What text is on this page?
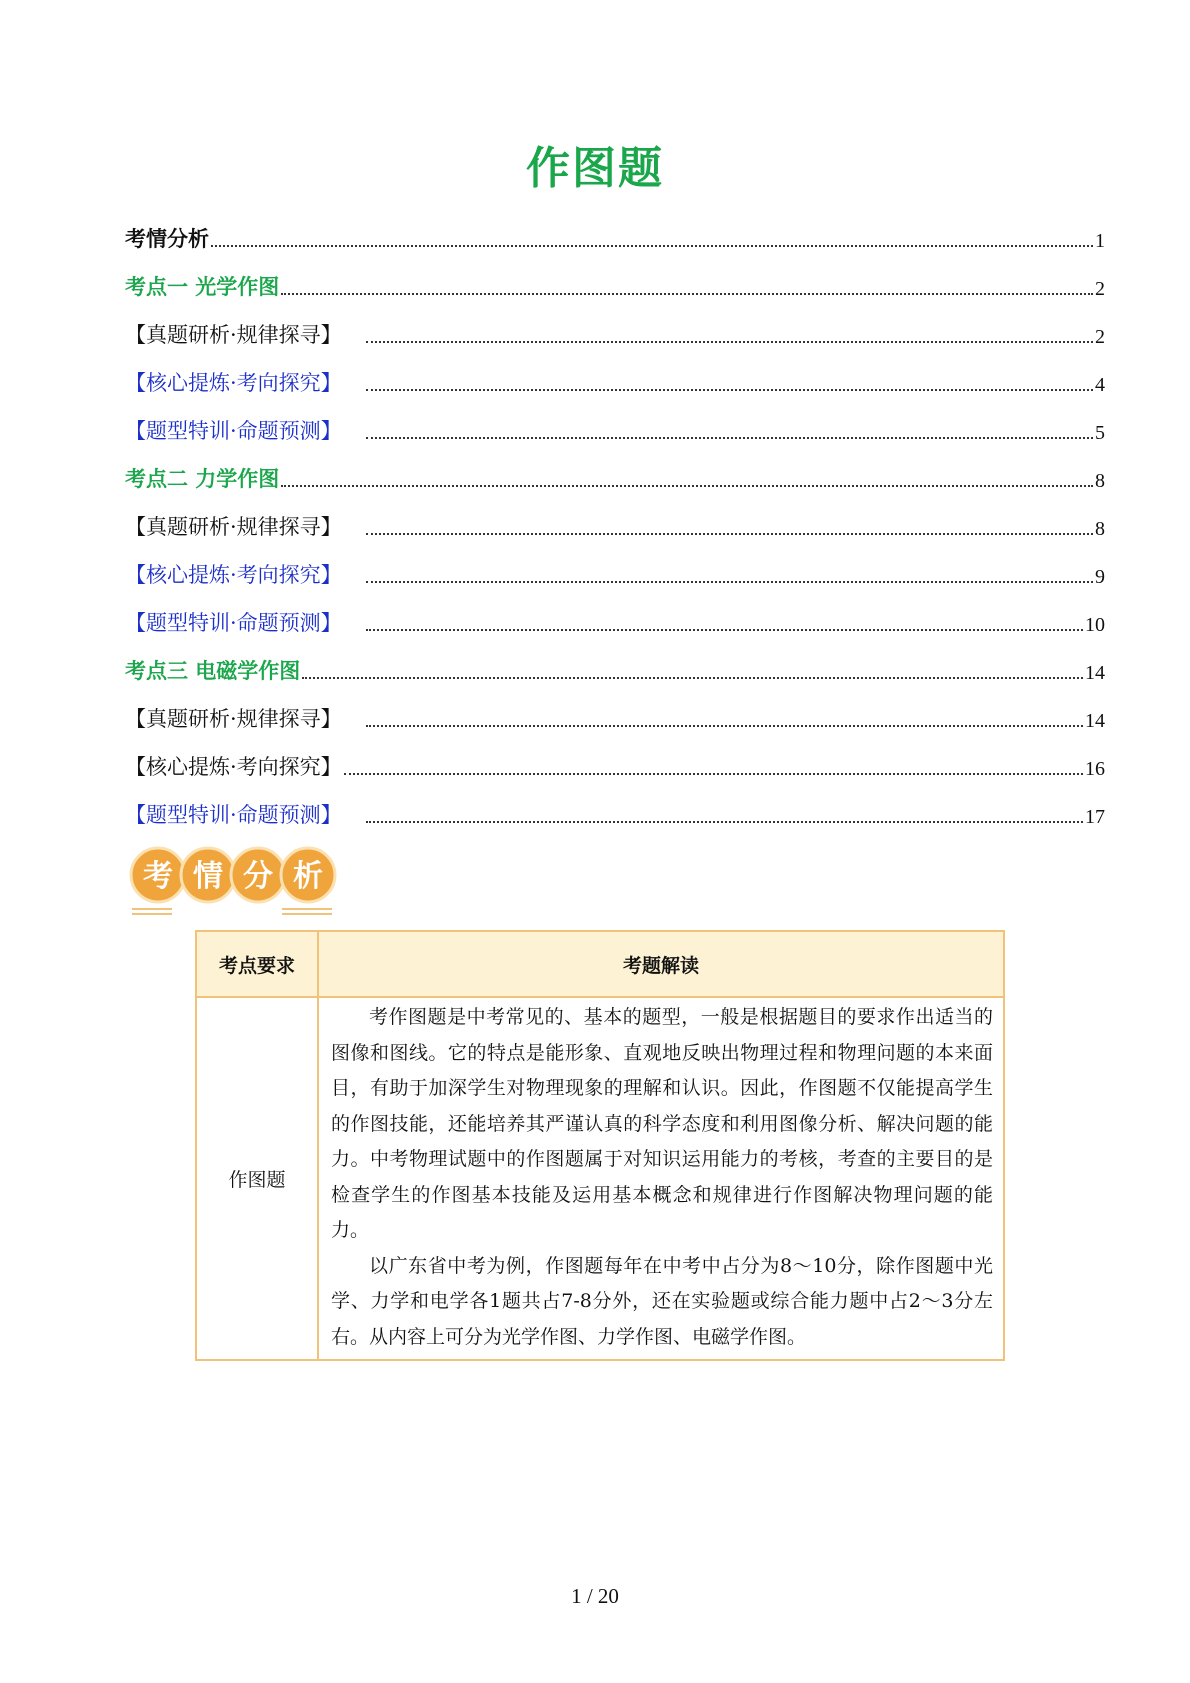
作图题
考情分析	1
考点一 光学作图	2
【真题研析·规律探寻】	2
【核心提炼·考向探究】	4
【题型特训·命题预测】	5
考点二 力学作图	8
【真题研析·规律探寻】	8
【核心提炼·考向探究】	9
【题型特训·命题预测】	10
考点三 电磁学作图	14
【真题研析·规律探寻】	14
【核心提炼·考向探究】	16
【题型特训·命题预测】	17
考 情 分 析
考点要求	考题解读
作图题	考作图题是中考常见的、基本的题型，一般是根据题目的要求作出适当的图像和图线。它的特点是能形象、直观地反映出物理过程和物理问题的本来面目，有助于加深学生对物理现象的理解和认识。因此，作图题不仅能提高学生的作图技能，还能培养其严谨认真的科学态度和利用图像分析、解决问题的能力。中考物理试题中的作图题属于对知识运用能力的考核，考查的主要目的是检查学生的作图基本技能及运用基本概念和规律进行作图解决物理问题的能力。

以广东省中考为例，作图题每年在中考中占分为8～10分，除作图题中光学、力学和电学各1题共占7-8分外，还在实验题或综合能力题中占2～3分左右。从内容上可分为光学作图、力学作图、电磁学作图。

1 / 20
